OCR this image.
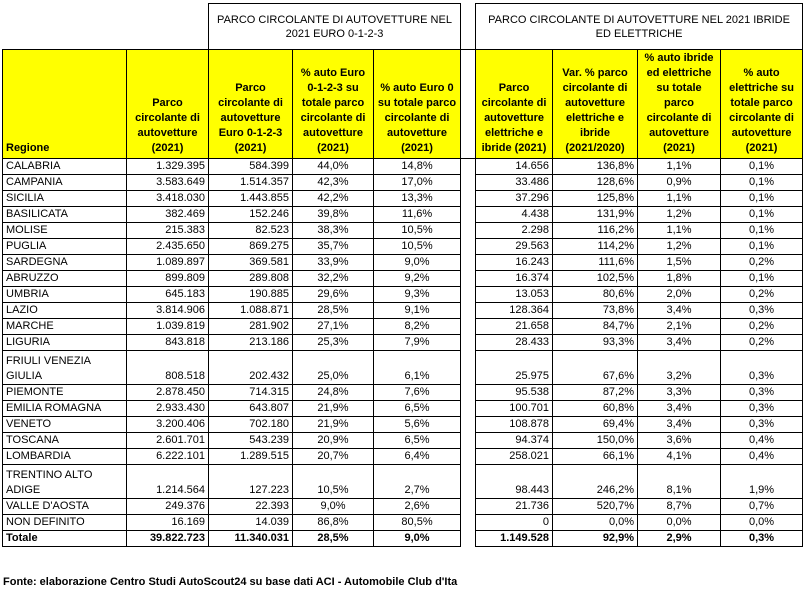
		PARCO CIRCOLANTE DI AUTOVETTURE NEL 2021 EURO 0-1-2-3				PARCO CIRCOLANTE DI AUTOVETTURE NEL 2021 IBRIDE ED ELETTRICHE			
Regione	Parco circolante di autovetture (2021)	Parco circolante di autovetture Euro 0-1-2-3 (2021)	% auto Euro 0-1-2-3 su totale parco circolante di autovetture (2021)	% auto Euro 0 su totale parco circolante di autovetture (2021)		Parco circolante di autovetture elettriche e ibride (2021)	Var. % parco circolante di autovetture elettriche e ibride (2021/2020)	% auto ibride ed elettriche su totale parco circolante di autovetture (2021)	% auto elettriche su totale parco circolante di autovetture (2021)
CALABRIA	1.329.395	584.399	44,0%	14,8%		14.656	136,8%	1,1%	0,1%
CAMPANIA	3.583.649	1.514.357	42,3%	17,0%		33.486	128,6%	0,9%	0,1%
SICILIA	3.418.030	1.443.855	42,2%	13,3%		37.296	125,8%	1,1%	0,1%
BASILICATA	382.469	152.246	39,8%	11,6%		4.438	131,9%	1,2%	0,1%
MOLISE	215.383	82.523	38,3%	10,5%		2.298	116,2%	1,1%	0,1%
PUGLIA	2.435.650	869.275	35,7%	10,5%		29.563	114,2%	1,2%	0,1%
SARDEGNA	1.089.897	369.581	33,9%	9,0%		16.243	111,6%	1,5%	0,2%
ABRUZZO	899.809	289.808	32,2%	9,2%		16.374	102,5%	1,8%	0,1%
UMBRIA	645.183	190.885	29,6%	9,3%		13.053	80,6%	2,0%	0,2%
LAZIO	3.814.906	1.088.871	28,5%	9,1%		128.364	73,8%	3,4%	0,3%
MARCHE	1.039.819	281.902	27,1%	8,2%		21.658	84,7%	2,1%	0,2%
LIGURIA	843.818	213.186	25,3%	7,9%		28.433	93,3%	3,4%	0,2%
FRIULI VENEZIA GIULIA	808.518	202.432	25,0%	6,1%		25.975	67,6%	3,2%	0,3%
PIEMONTE	2.878.450	714.315	24,8%	7,6%		95.538	87,2%	3,3%	0,3%
EMILIA ROMAGNA	2.933.430	643.807	21,9%	6,5%		100.701	60,8%	3,4%	0,3%
VENETO	3.200.406	702.180	21,9%	5,6%		108.878	69,4%	3,4%	0,3%
TOSCANA	2.601.701	543.239	20,9%	6,5%		94.374	150,0%	3,6%	0,4%
LOMBARDIA	6.222.101	1.289.515	20,7%	6,4%		258.021	66,1%	4,1%	0,4%
TRENTINO ALTO ADIGE	1.214.564	127.223	10,5%	2,7%		98.443	246,2%	8,1%	1,9%
VALLE D'AOSTA	249.376	22.393	9,0%	2,6%		21.736	520,7%	8,7%	0,7%
NON DEFINITO	16.169	14.039	86,8%	80,5%		0	0,0%	0,0%	0,0%
Totale	39.822.723	11.340.031	28,5%	9,0%		1.149.528	92,9%	2,9%	0,3%
Fonte: elaborazione Centro Studi AutoScout24 su base dati ACI - Automobile Club d'Ita
